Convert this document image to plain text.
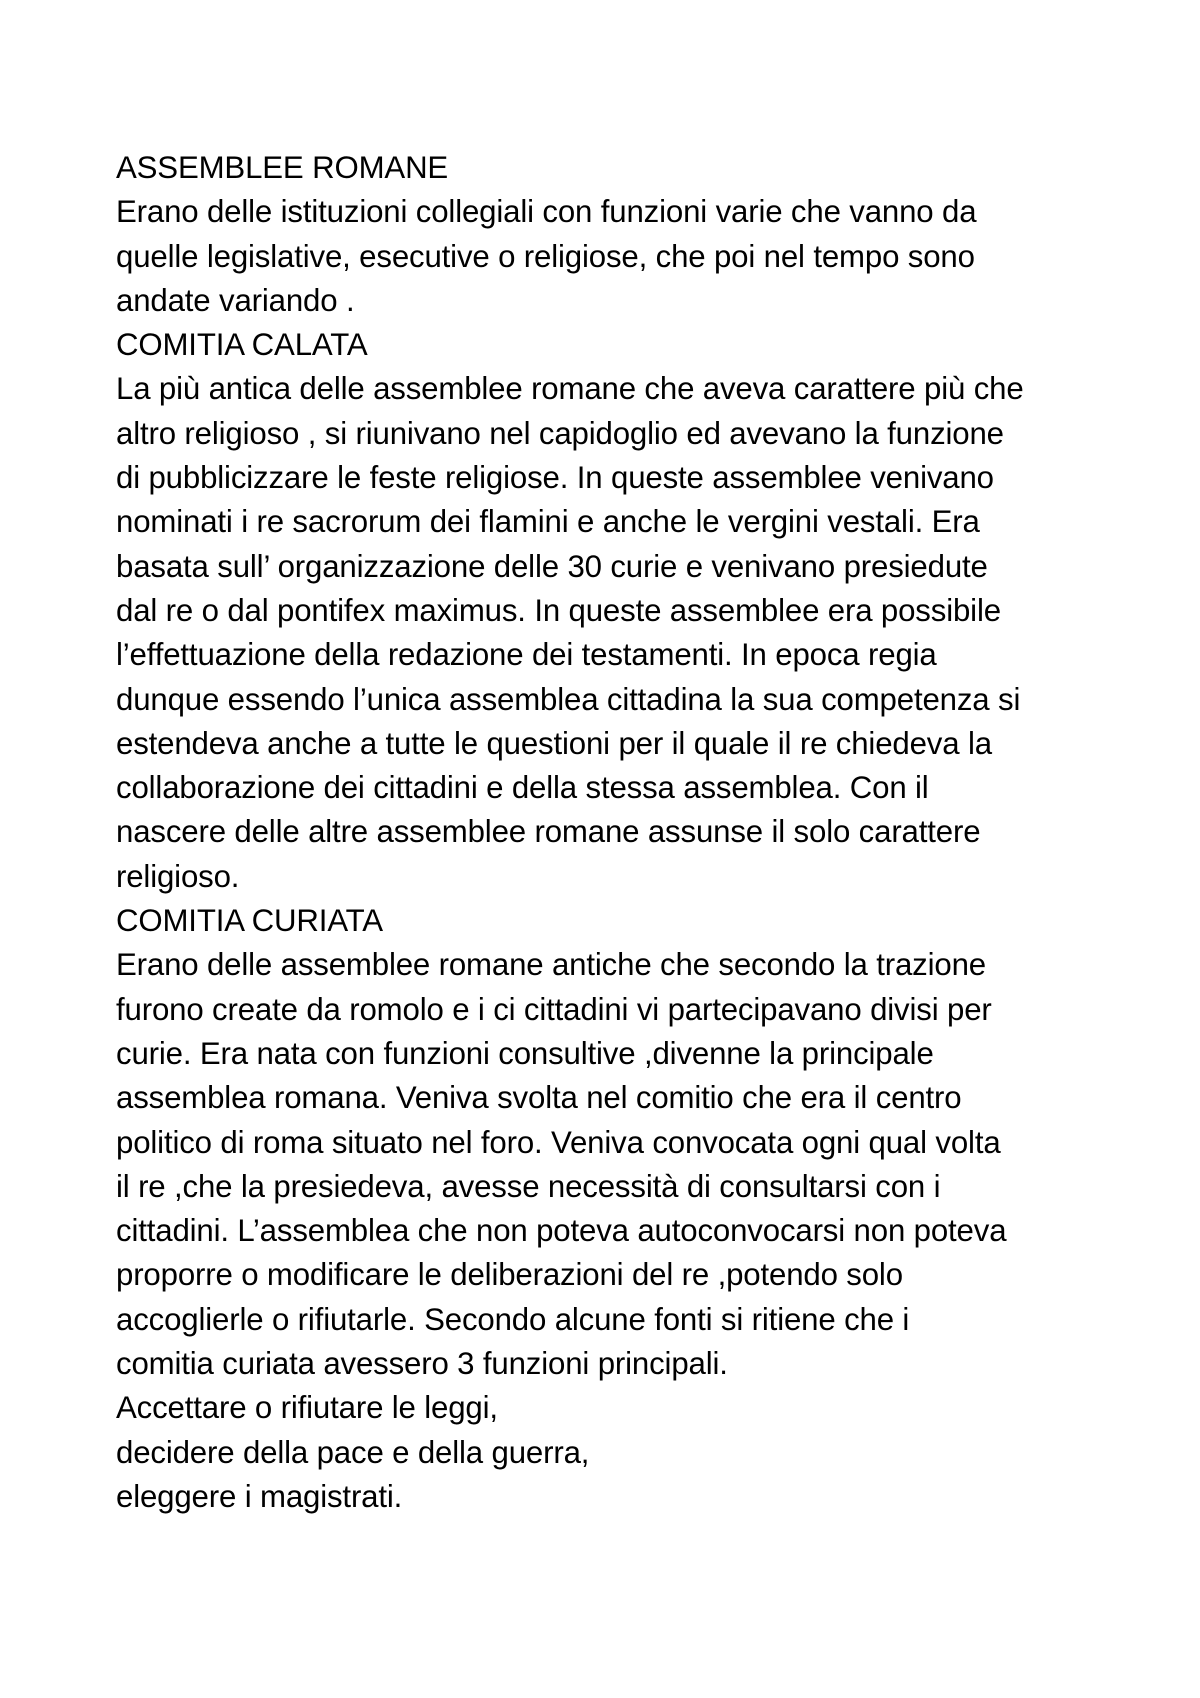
ASSEMBLEE ROMANE
Erano delle istituzioni collegiali con funzioni varie che vanno da
quelle legislative, esecutive o religiose, che poi nel tempo sono
andate variando .
COMITIA CALATA
La più antica delle assemblee romane che aveva carattere più che
altro religioso , si riunivano nel capidoglio ed avevano la funzione
di pubblicizzare le feste religiose. In queste assemblee venivano
nominati i re sacrorum dei flamini e anche le vergini vestali. Era
basata sull’ organizzazione delle 30 curie e venivano presiedute
dal re o dal pontifex maximus. In queste assemblee era possibile
l’effettuazione della redazione dei testamenti. In epoca regia
dunque essendo l’unica assemblea cittadina la sua competenza si
estendeva anche a tutte le questioni per il quale il re chiedeva la
collaborazione dei cittadini e della stessa assemblea. Con il
nascere delle altre assemblee romane assunse il solo carattere
religioso.
COMITIA CURIATA
Erano delle assemblee romane antiche che secondo la trazione
furono create da romolo e i ci cittadini vi partecipavano divisi per
curie. Era nata con funzioni consultive ,divenne la principale
assemblea romana. Veniva svolta nel comitio che era il centro
politico di roma situato nel foro. Veniva convocata ogni qual volta
il re ,che la presiedeva, avesse necessità di consultarsi con i
cittadini. L’assemblea che non poteva autoconvocarsi non poteva
proporre o modificare le deliberazioni del re ,potendo solo
accoglierle o rifiutarle. Secondo alcune fonti si ritiene che i
comitia curiata avessero 3 funzioni principali.
Accettare o rifiutare le leggi,
decidere della pace e della guerra,
eleggere i magistrati.
